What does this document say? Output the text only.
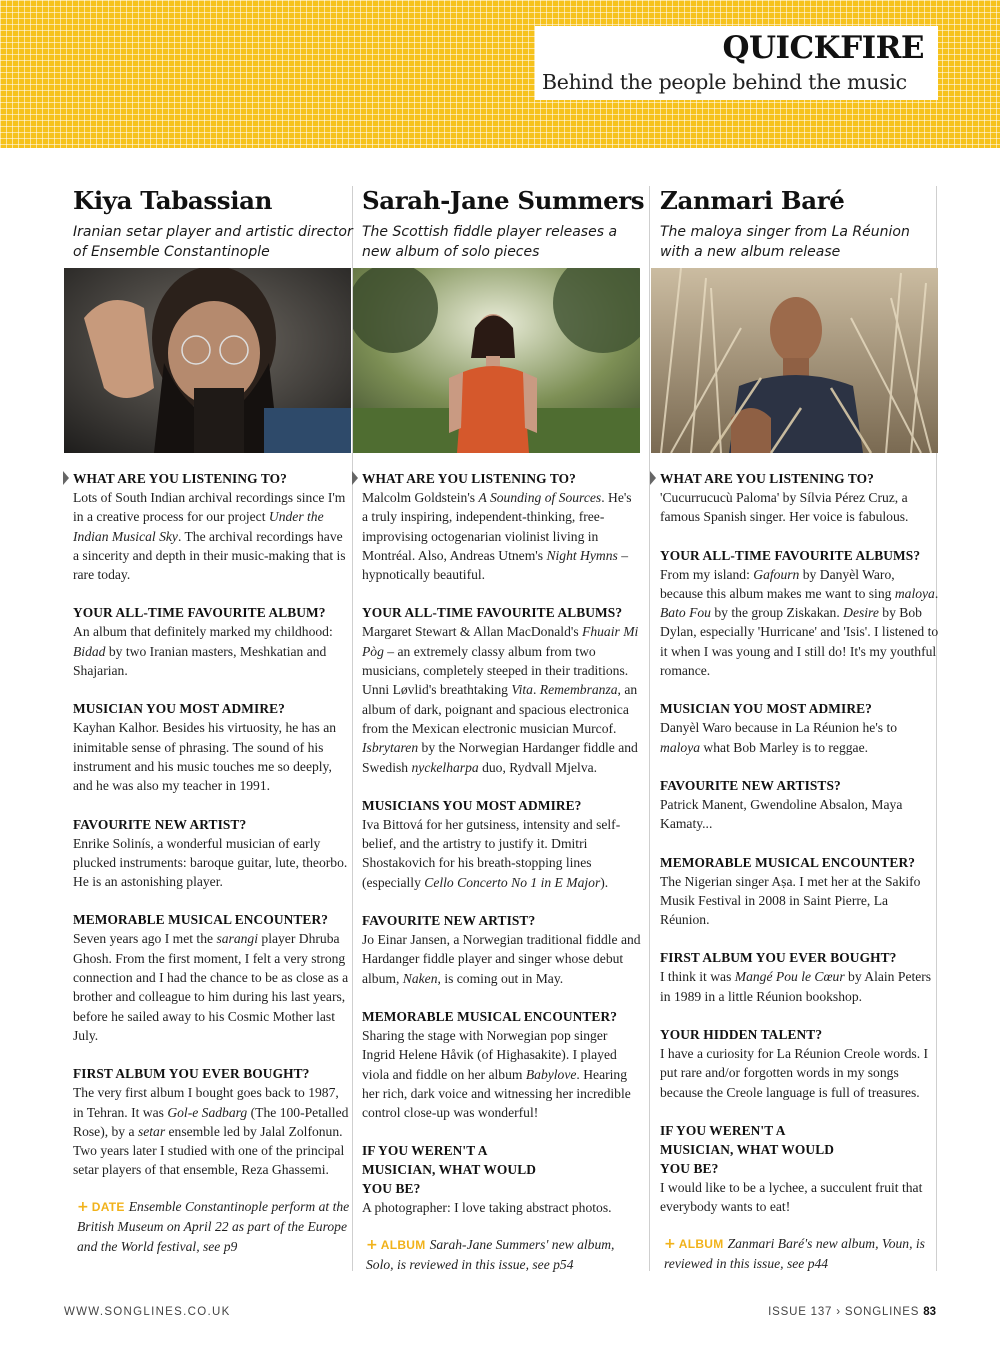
QUICKFIRE
Behind the people behind the music
Kiya Tabassian
Iranian setar player and artistic director of Ensemble Constantinople
WHAT ARE YOU LISTENING TO?
Lots of South Indian archival recordings since I'm in a creative process for our project Under the Indian Musical Sky. The archival recordings have a sincerity and depth in their music-making that is rare today.
YOUR ALL-TIME FAVOURITE ALBUM?
An album that definitely marked my childhood: Bidad by two Iranian masters, Meshkatian and Shajarian.
MUSICIAN YOU MOST ADMIRE?
Kayhan Kalhor. Besides his virtuosity, he has an inimitable sense of phrasing. The sound of his instrument and his music touches me so deeply, and he was also my teacher in 1991.
FAVOURITE NEW ARTIST?
Enrike Solinís, a wonderful musician of early plucked instruments: baroque guitar, lute, theorbo. He is an astonishing player.
MEMORABLE MUSICAL ENCOUNTER?
Seven years ago I met the sarangi player Dhruba Ghosh. From the first moment, I felt a very strong connection and I had the chance to be as close as a brother and colleague to him during his last years, before he sailed away to his Cosmic Mother last July.
FIRST ALBUM YOU EVER BOUGHT?
The very first album I bought goes back to 1987, in Tehran. It was Gol-e Sadbarg (The 100-Petalled Rose), by a setar ensemble led by Jalal Zolfonun. Two years later I studied with one of the principal setar players of that ensemble, Reza Ghassemi.
+ DATE Ensemble Constantinople perform at the British Museum on April 22 as part of the Europe and the World festival, see p9
Sarah-Jane Summers
The Scottish fiddle player releases a new album of solo pieces
WHAT ARE YOU LISTENING TO?
Malcolm Goldstein's A Sounding of Sources. He's a truly inspiring, independent-thinking, free-improvising octogenarian violinist living in Montréal. Also, Andreas Utnem's Night Hymns – hypnotically beautiful.
YOUR ALL-TIME FAVOURITE ALBUMS?
Margaret Stewart & Allan MacDonald's Fhuair Mi Pòg – an extremely classy album from two musicians, completely steeped in their traditions. Unni Løvlid's breathtaking Vita. Remembranza, an album of dark, poignant and spacious electronica from the Mexican electronic musician Murcof. Isbrytaren by the Norwegian Hardanger fiddle and Swedish nyckelharpa duo, Rydvall Mjelva.
MUSICIANS YOU MOST ADMIRE?
Iva Bittová for her gutsiness, intensity and self-belief, and the artistry to justify it. Dmitri Shostakovich for his breath-stopping lines (especially Cello Concerto No 1 in E Major).
FAVOURITE NEW ARTIST?
Jo Einar Jansen, a Norwegian traditional fiddle and Hardanger fiddle player and singer whose debut album, Naken, is coming out in May.
MEMORABLE MUSICAL ENCOUNTER?
Sharing the stage with Norwegian pop singer Ingrid Helene Håvik (of Highasakite). I played viola and fiddle on her album Babylove. Hearing her rich, dark voice and witnessing her incredible control close-up was wonderful!
IF YOU WEREN'T A MUSICIAN, WHAT WOULD YOU BE?
A photographer: I love taking abstract photos.
+ ALBUM Sarah-Jane Summers' new album, Solo, is reviewed in this issue, see p54
Zanmari Baré
The maloya singer from La Réunion with a new album release
WHAT ARE YOU LISTENING TO?
'Cucurrucucù Paloma' by Sílvia Pérez Cruz, a famous Spanish singer. Her voice is fabulous.
YOUR ALL-TIME FAVOURITE ALBUMS?
From my island: Gafourn by Danyèl Waro, because this album makes me want to sing maloya. Bato Fou by the group Ziskakan. Desire by Bob Dylan, especially 'Hurricane' and 'Isis'. I listened to it when I was young and I still do! It's my youthful romance.
MUSICIAN YOU MOST ADMIRE?
Danyèl Waro because in La Réunion he's to maloya what Bob Marley is to reggae.
FAVOURITE NEW ARTISTS?
Patrick Manent, Gwendoline Absalon, Maya Kamaty...
MEMORABLE MUSICAL ENCOUNTER?
The Nigerian singer Aṣa. I met her at the Sakifo Musik Festival in 2008 in Saint Pierre, La Réunion.
FIRST ALBUM YOU EVER BOUGHT?
I think it was Mangé Pou le Cœur by Alain Peters in 1989 in a little Réunion bookshop.
YOUR HIDDEN TALENT?
I have a curiosity for La Réunion Creole words. I put rare and/or forgotten words in my songs because the Creole language is full of treasures.
IF YOU WEREN'T A MUSICIAN, WHAT WOULD YOU BE?
I would like to be a lychee, a succulent fruit that everybody wants to eat!
+ ALBUM Zanmari Baré's new album, Voun, is reviewed in this issue, see p44
WWW.SONGLINES.CO.UK	ISSUE 137 › SONGLINES 83
